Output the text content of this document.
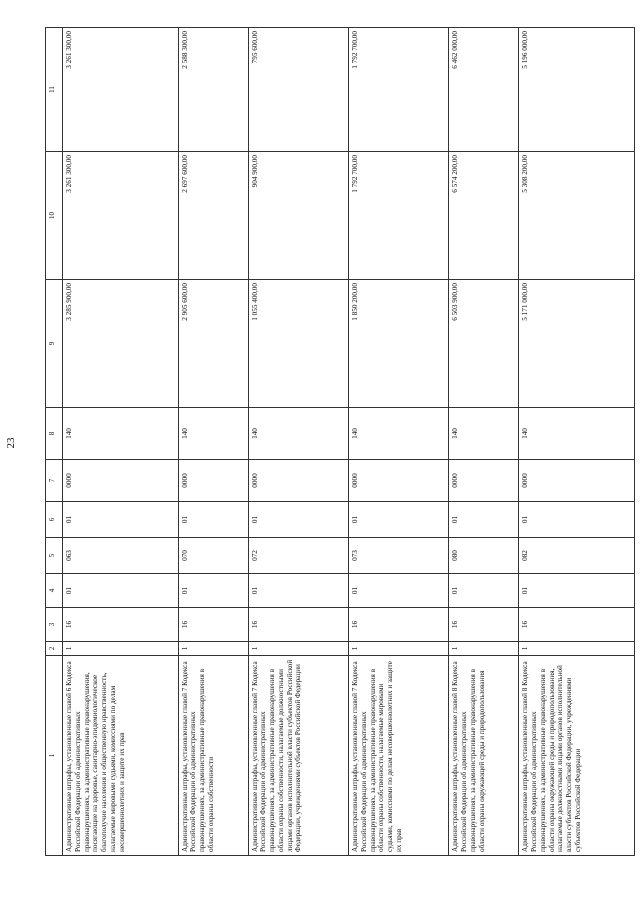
23
1	2	3	4	5	6	7	8	9	10	11
Административные штрафы, установленные главой 6 Кодекса Российской Федерации об административных правонарушениях, за административные правонарушения, посягающие на здоровье, санитарно-эпидемиологическое благополучие населения и общественную нравственность, налагаемые мировыми судьями, комиссиями по делам несовершеннолетних и защите их прав	1	16	01	063	01	0000	140	3 285 900,00	3 261 300,00	3 261 300,00
Административные штрафы, установленные главой 7 Кодекса Российской Федерации об административных правонарушениях, за административные правонарушения в области охраны собственности	1	16	01	070	01	0000	140	2 905 600,00	2 697 600,00	2 588 300,00
Административные штрафы, установленные главой 7 Кодекса Российской Федерации об административных правонарушениях, за административные правонарушения в области охраны собственности, налагаемые должностными лицами органов исполнительной власти субъектов Российской Федерации, учреждениями субъектов Российской Федерации	1	16	01	072	01	0000	140	1 055 400,00	904 900,00	795 600,00
Административные штрафы, установленные главой 7 Кодекса Российской Федерации об административных правонарушениях, за административные правонарушения в области охраны собственности, налагаемые мировыми судьями, комиссиями по делам несовершеннолетних и защите их прав	1	16	01	073	01	0000	140	1 850 200,00	1 792 700,00	1 792 700,00
Административные штрафы, установленные главой 8 Кодекса Российской Федерации об административных правонарушениях, за административные правонарушения в области охраны окружающей среды и природопользования	1	16	01	080	01	0000	140	6 503 900,00	6 574 200,00	6 462 000,00
Административные штрафы, установленные главой 8 Кодекса Российской Федерации об административных правонарушениях, за административные правонарушения в области охраны окружающей среды и природопользования, налагаемые должностными лицами органов исполнительной власти субъектов Российской Федерации, учреждениями субъектов Российской Федерации	1	16	01	082	01	0000	140	5 171 000,00	5 308 200,00	5 196 000,00
